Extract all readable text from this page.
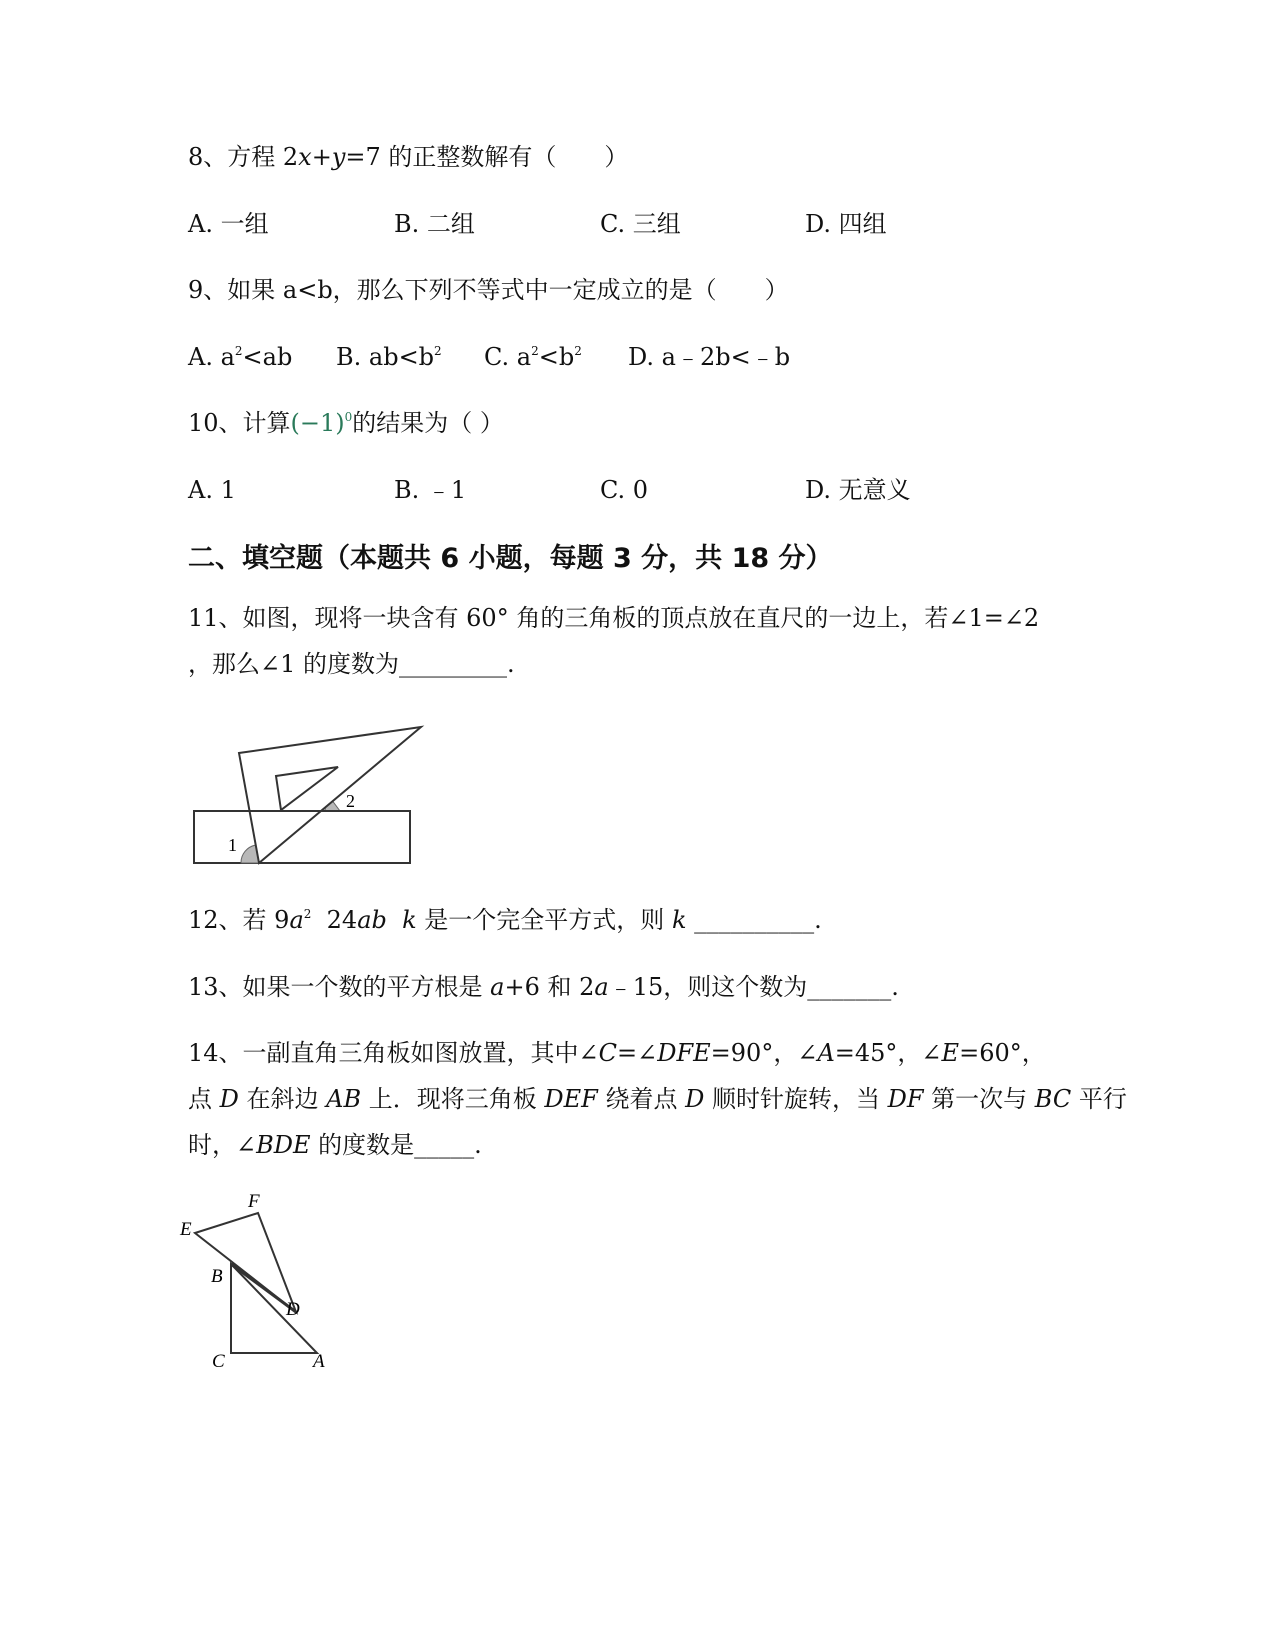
8、方程 2x+y=7 的正整数解有（　　）
A. 一组	B. 二组	C. 三组	D. 四组
9、如果 a<b，那么下列不等式中一定成立的是（　　）
A. $a^2<ab$ B. $ab<b^2$ C. $a^2<b^2$ D. a﹣2b<﹣b
10、计算$(-1)^0$的结果为（ ）
A. 1	B. ﹣1	C. 0	D. 无意义
二、填空题（本题共 6 小题，每题 3 分，共 18 分）
11、如图，现将一块含有 60° 角的三角板的顶点放在直尺的一边上，若∠1=∠2
，那么∠1 的度数为_________.
1
2
12、若 $9a^2$  24ab k 是一个完全平方式，则 k __________.
13、如果一个数的平方根是 a+6 和 2a﹣15，则这个数为_______.
14、一副直角三角板如图放置，其中∠C=∠DFE=90°，∠A=45°，∠E=60°，
点 D 在斜边 AB 上．现将三角板 DEF 绕着点 D 顺时针旋转，当 DF 第一次与 BC 平行
时，∠BDE 的度数是_____.
E
F
B
D
C	A
